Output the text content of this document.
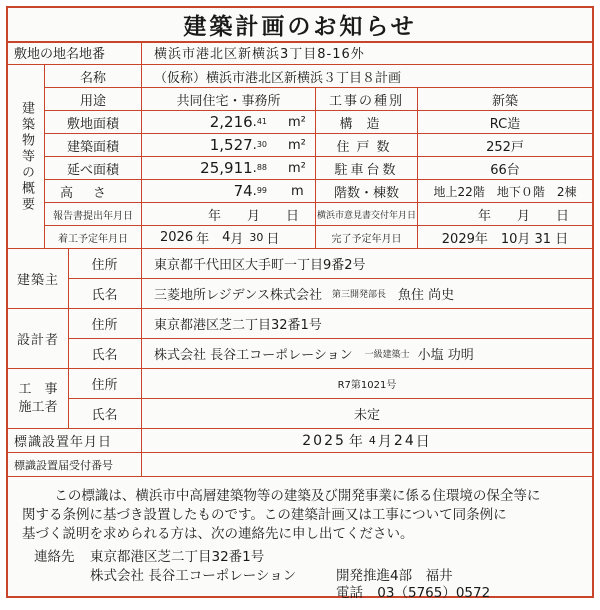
建築計画のお知らせ
敷地の地名地番	横浜市港北区新横浜3丁目8-16外
建築物等の概要
名称	（仮称）横浜市港北区新横浜３丁目８計画
用途	共同住宅・事務所	工事の種別	新築
敷地面積	2,216 . 41 m²	構造	RC造
建築面積	1,527 . 30 m²	住戸数	252戸
延べ面積	25,911 . 88 m²	駐車台数	66台
高さ	74 . 99 m	階数・棟数	地上22階　地下０階　2棟
報告書提出年月日	年　　月　　日	横浜市意見書交付年月日	年　　月　　日
着工予定年月日	2026 年 4 月 30 日	完了予定年月日	2029年　10月 31 日
建築主
住所	東京都千代田区大手町一丁目9番2号
氏名	三菱地所レジデンス株式会社 第三開発部長 魚住 尚史
設計者
住所	東京都港区芝二丁目32番1号
氏名	株式会社 長谷工コーポレーション 一級建築士 小塩 功明
工　事
施工者
住所	R7第1021号
氏名	未定
標識設置年月日	2025 年 4 月 24 日
標識設置届受付番号

この標識は、横浜市中高層建築物等の建築及び開発事業に係る住環境の保全等に

関する条例に基づき設置したものです。この建築計画又は工事について同条例に

基づく説明を求められる方は、次の連絡先に申し出てください。

連絡先 東京都港区芝二丁目32番1号
株式会社 長谷工コーポレーション	開発推進4部　福井
電話 03（5765）0572
